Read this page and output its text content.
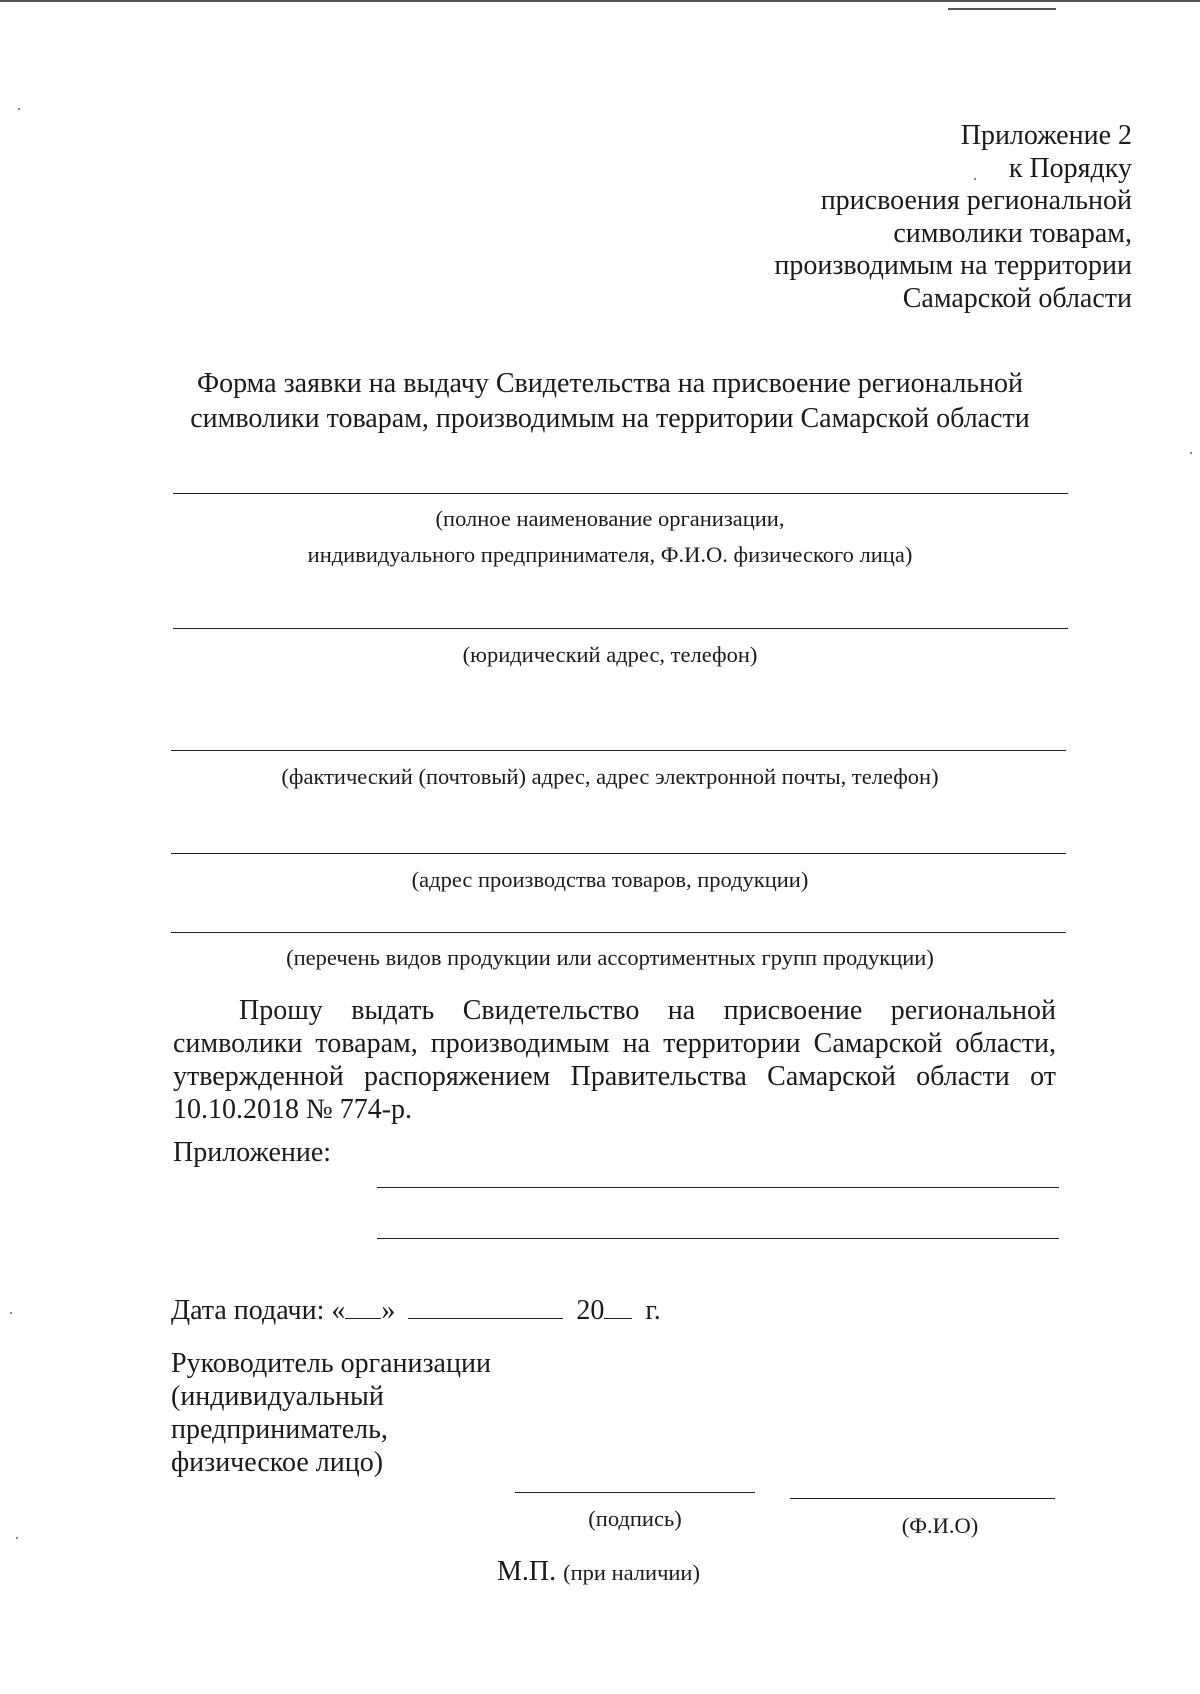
Приложение 2
к Порядку
присвоения региональной
символики товарам,
производимым на территории
Самарской области
Форма заявки на выдачу Свидетельства на присвоение региональной
символики товарам, производимым на территории Самарской области
(полное наименование организации,
индивидуального предпринимателя, Ф.И.О. физического лица)
(юридический адрес, телефон)
(фактический (почтовый) адрес, адрес электронной почты, телефон)
(адрес производства товаров, продукции)
(перечень видов продукции или ассортиментных групп продукции)
Прошу выдать Свидетельство на присвоение региональной символики товарам, производимым на территории Самарской области, утвержденной распоряжением Правительства Самарской области от 10.10.2018 № 774-р.
Приложение:
Дата подачи: « »	20 г.
Руководитель организации
(индивидуальный
предприниматель,
физическое лицо)
(подпись)	(Ф.И.О)
М.П. (при наличии)
